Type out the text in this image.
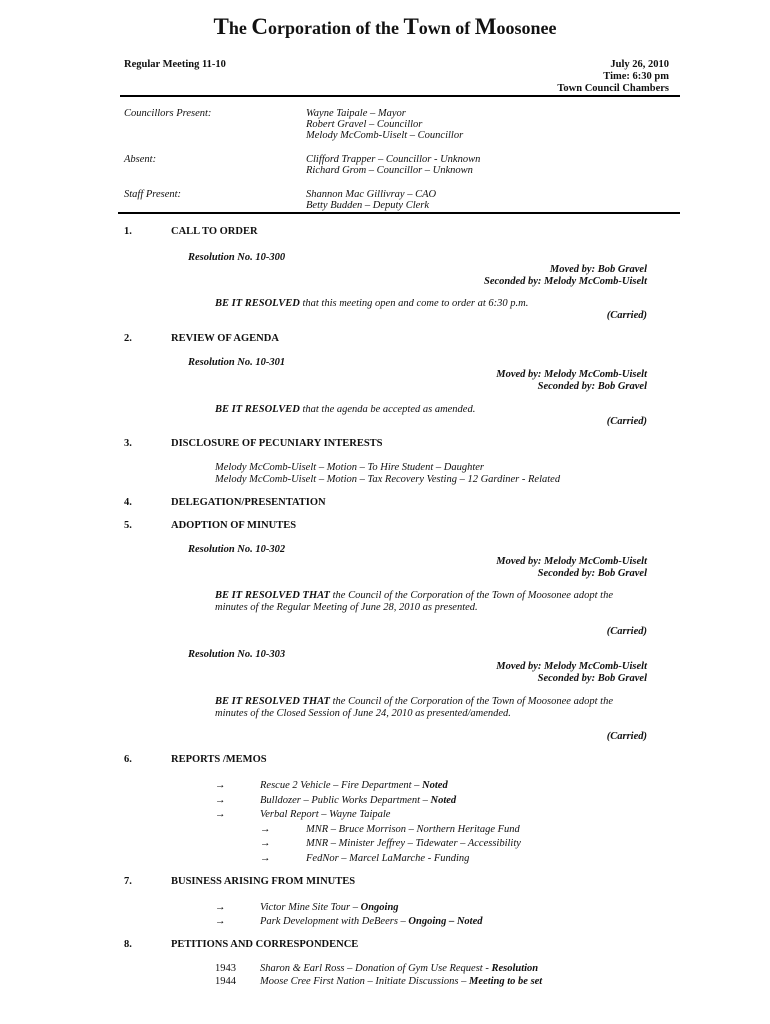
The Corporation of the Town of Moosonee
Regular Meeting 11-10	July 26, 2010
Time: 6:30 pm
Town Council Chambers
Councillors Present:	Wayne Taipale – Mayor
Robert Gravel – Councillor
Melody McComb-Uiselt – Councillor
Absent:	Clifford Trapper – Councillor - Unknown
Richard Grom – Councillor – Unknown
Staff Present:	Shannon Mac Gillivray – CAO
Betty Budden – Deputy Clerk
1.	CALL TO ORDER
Resolution No. 10-300
Moved by: Bob Gravel
Seconded by: Melody McComb-Uiselt
BE IT RESOLVED that this meeting open and come to order at 6:30 p.m.
(Carried)
2.	REVIEW OF AGENDA
Resolution No. 10-301
Moved by: Melody McComb-Uiselt
Seconded by: Bob Gravel
BE IT RESOLVED that the agenda be accepted as amended.
(Carried)
3.	DISCLOSURE OF PECUNIARY INTERESTS
Melody McComb-Uiselt – Motion – To Hire Student – Daughter
Melody McComb-Uiselt – Motion – Tax Recovery Vesting – 12 Gardiner - Related
4.	DELEGATION/PRESENTATION
5.	ADOPTION OF MINUTES
Resolution No. 10-302
Moved by: Melody McComb-Uiselt
Seconded by: Bob Gravel
BE IT RESOLVED THAT the Council of the Corporation of the Town of Moosonee adopt the minutes of the Regular Meeting of June 28, 2010 as presented.
(Carried)
Resolution No. 10-303
Moved by: Melody McComb-Uiselt
Seconded by: Bob Gravel
BE IT RESOLVED THAT the Council of the Corporation of the Town of Moosonee adopt the minutes of the Closed Session of June 24, 2010 as presented/amended.
(Carried)
6.	REPORTS /MEMOS
→	Rescue 2 Vehicle – Fire Department – Noted
→	Bulldozer – Public Works Department – Noted
→	Verbal Report – Wayne Taipale
→	MNR – Bruce Morrison – Northern Heritage Fund
→	MNR – Minister Jeffrey – Tidewater – Accessibility
→	FedNor – Marcel LaMarche - Funding
7.	BUSINESS ARISING FROM MINUTES
→	Victor Mine Site Tour – Ongoing
→	Park Development with DeBeers – Ongoing – Noted
8.	PETITIONS AND CORRESPONDENCE
1943 Sharon & Earl Ross – Donation of Gym Use Request - Resolution
1944 Moose Cree First Nation – Initiate Discussions – Meeting to be set
